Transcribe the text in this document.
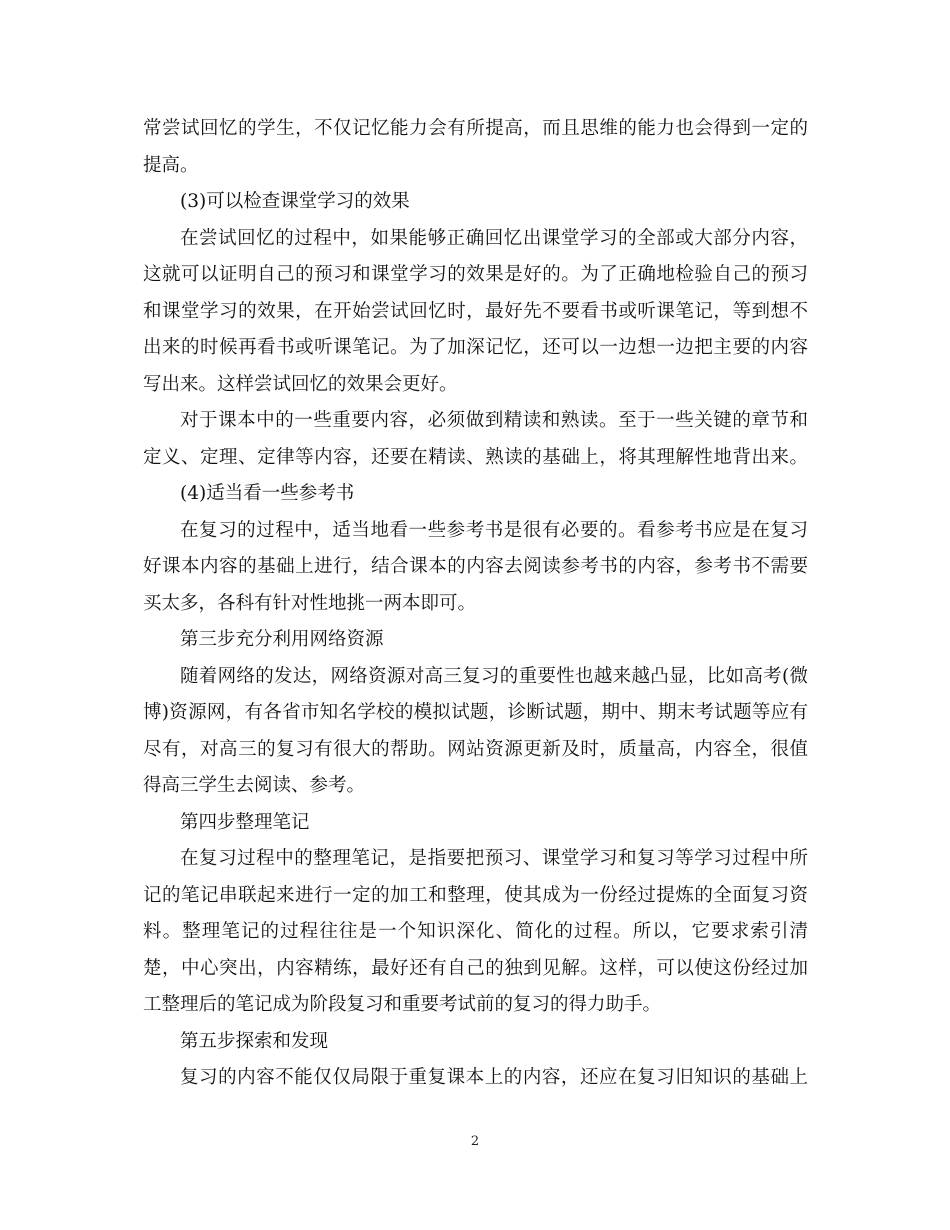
常尝试回忆的学生，不仅记忆能力会有所提高，而且思维的能力也会得到一定的
提高。
(3)可以检查课堂学习的效果
在尝试回忆的过程中，如果能够正确回忆出课堂学习的全部或大部分内容，
这就可以证明自己的预习和课堂学习的效果是好的。为了正确地检验自己的预习
和课堂学习的效果，在开始尝试回忆时，最好先不要看书或听课笔记，等到想不
出来的时候再看书或听课笔记。为了加深记忆，还可以一边想一边把主要的内容
写出来。这样尝试回忆的效果会更好。
对于课本中的一些重要内容，必须做到精读和熟读。至于一些关键的章节和
定义、定理、定律等内容，还要在精读、熟读的基础上，将其理解性地背出来。
(4)适当看一些参考书
在复习的过程中，适当地看一些参考书是很有必要的。看参考书应是在复习
好课本内容的基础上进行，结合课本的内容去阅读参考书的内容，参考书不需要
买太多，各科有针对性地挑一两本即可。
第三步充分利用网络资源
随着网络的发达，网络资源对高三复习的重要性也越来越凸显，比如高考(微
博)资源网，有各省市知名学校的模拟试题，诊断试题，期中、期末考试题等应有
尽有，对高三的复习有很大的帮助。网站资源更新及时，质量高，内容全，很值
得高三学生去阅读、参考。
第四步整理笔记
在复习过程中的整理笔记，是指要把预习、课堂学习和复习等学习过程中所
记的笔记串联起来进行一定的加工和整理，使其成为一份经过提炼的全面复习资
料。整理笔记的过程往往是一个知识深化、简化的过程。所以，它要求索引清
楚，中心突出，内容精练，最好还有自己的独到见解。这样，可以使这份经过加
工整理后的笔记成为阶段复习和重要考试前的复习的得力助手。
第五步探索和发现
复习的内容不能仅仅局限于重复课本上的内容，还应在复习旧知识的基础上
2
